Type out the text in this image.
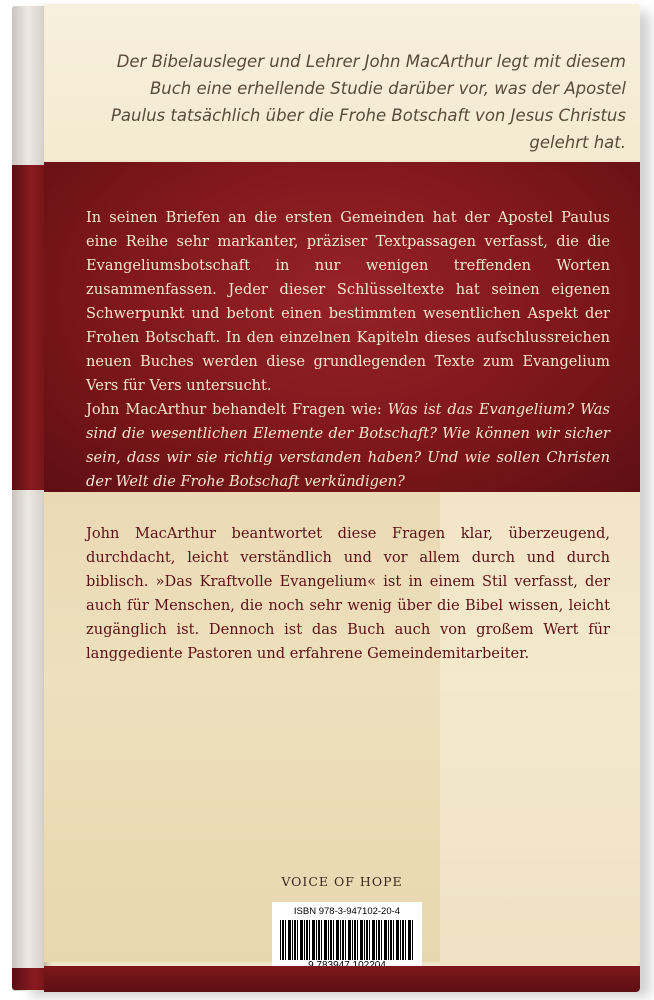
Der Bibelausleger und Lehrer John MacArthur legt mit diesem Buch eine erhellende Studie darüber vor, was der Apostel Paulus tatsächlich über die Frohe Botschaft von Jesus Christus gelehrt hat.

In seinen Briefen an die ersten Gemeinden hat der Apostel Paulus eine Reihe sehr markanter, präziser Textpassagen verfasst, die die Evangeliumsbotschaft in nur wenigen treffenden Worten zusammenfassen. Jeder dieser Schlüsseltexte hat seinen eigenen Schwerpunkt und betont einen bestimmten wesentlichen Aspekt der Frohen Botschaft. In den einzelnen Kapiteln dieses aufschlussreichen neuen Buches werden diese grundlegenden Texte zum Evangelium Vers für Vers untersucht.
John MacArthur behandelt Fragen wie: Was ist das Evangelium? Was sind die wesentlichen Elemente der Botschaft? Wie können wir sicher sein, dass wir sie richtig verstanden haben? Und wie sollen Christen der Welt die Frohe Botschaft verkündigen?

John MacArthur beantwortet diese Fragen klar, überzeugend, durchdacht, leicht verständlich und vor allem durch und durch biblisch. »Das Kraftvolle Evangelium« ist in einem Stil verfasst, der auch für Menschen, die noch sehr wenig über die Bibel wissen, leicht zugänglich ist. Dennoch ist das Buch auch von großem Wert für langgediente Pastoren und erfahrene Gemeindemitarbeiter.

VOICE OF HOPE
ISBN 978-3-947102-20-4
